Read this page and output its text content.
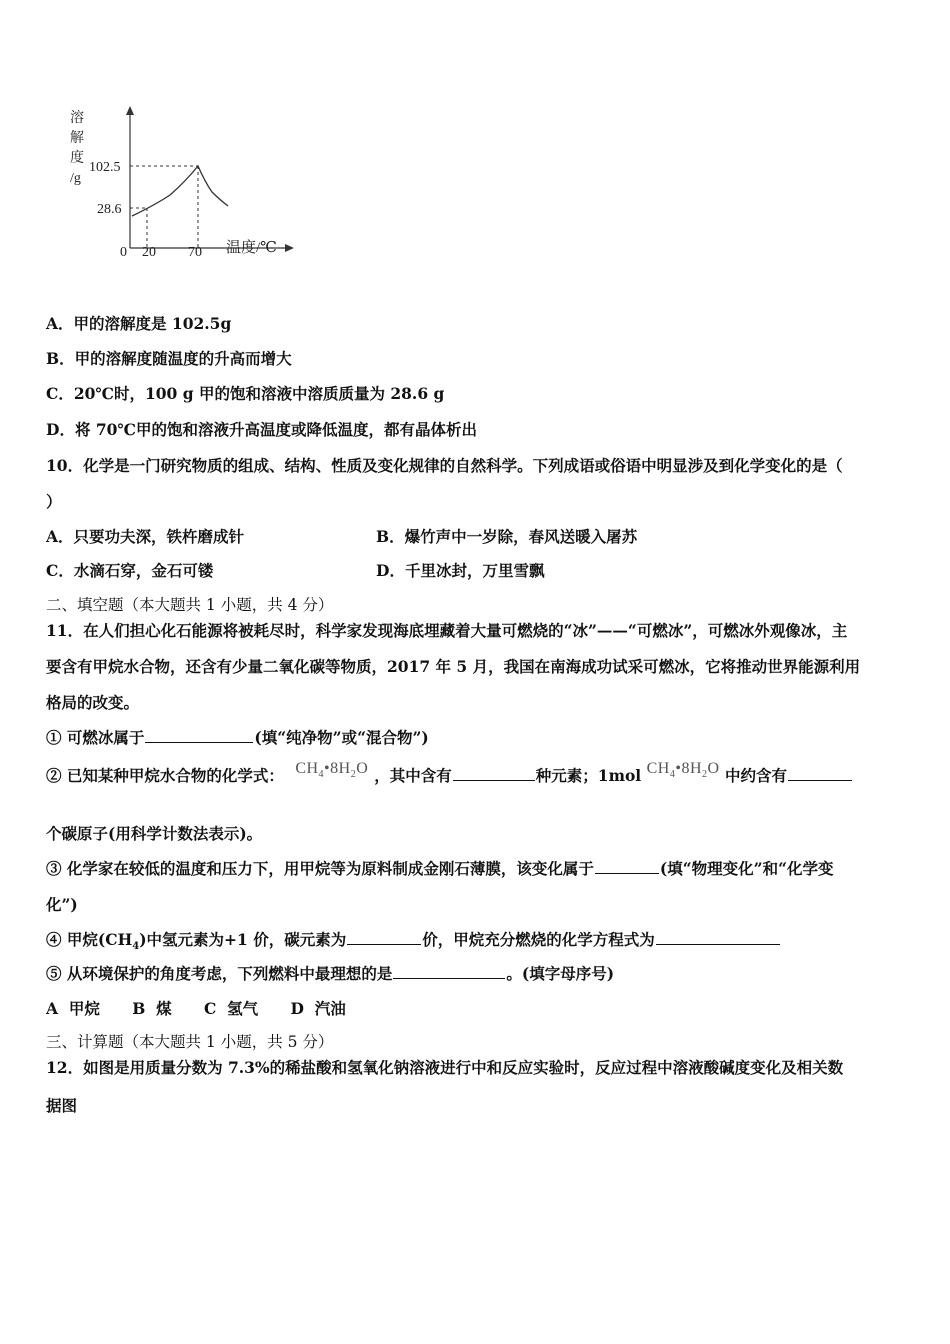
溶
解
度
/g
102.5
28.6
0 20 70 温度/℃
A．甲的溶解度是 102.5g
B．甲的溶解度随温度的升高而增大
C．20℃时，100 g 甲的饱和溶液中溶质质量为 28.6 g
D．将 70℃甲的饱和溶液升高温度或降低温度，都有晶体析出
10．化学是一门研究物质的组成、结构、性质及变化规律的自然科学。下列成语或俗语中明显涉及到化学变化的是（
）
A．只要功夫深，铁杵磨成针	B．爆竹声中一岁除，春风送暖入屠苏
C．水滴石穿，金石可镂	D．千里冰封，万里雪飘
二、填空题（本大题共 1 小题，共 4 分）
11．在人们担心化石能源将被耗尽时，科学家发现海底埋藏着大量可燃烧的“冰”——“可燃冰”，可燃冰外观像冰，主
要含有甲烷水合物，还含有少量二氧化碳等物质，2017 年 5 月，我国在南海成功试采可燃冰，它将推动世界能源利用
格局的改变。
① 可燃冰属于	(填“纯净物”或“混合物”)
② 已知某种甲烷水合物的化学式： $CH_4•8H_2O$ ，其中含有	种元素；1mol $CH_4•8H_2O$ 中约含有
个碳原子(用科学计数法表示)。
③ 化学家在较低的温度和压力下，用甲烷等为原料制成金刚石薄膜，该变化属于	(填“物理变化”和“化学变
化”)
④ 甲烷$(CH_4)$中氢元素为+1 价，碳元素为	价，甲烷充分燃烧的化学方程式为
⑤ 从环境保护的角度考虑，下列燃料中最理想的是	。(填字母序号)
A  甲烷      B  煤      C  氢气      D  汽油
三、计算题（本大题共 1 小题，共 5 分）
12．如图是用质量分数为 7.3%的稀盐酸和氢氧化钠溶液进行中和反应实验时，反应过程中溶液酸碱度变化及相关数
据图
